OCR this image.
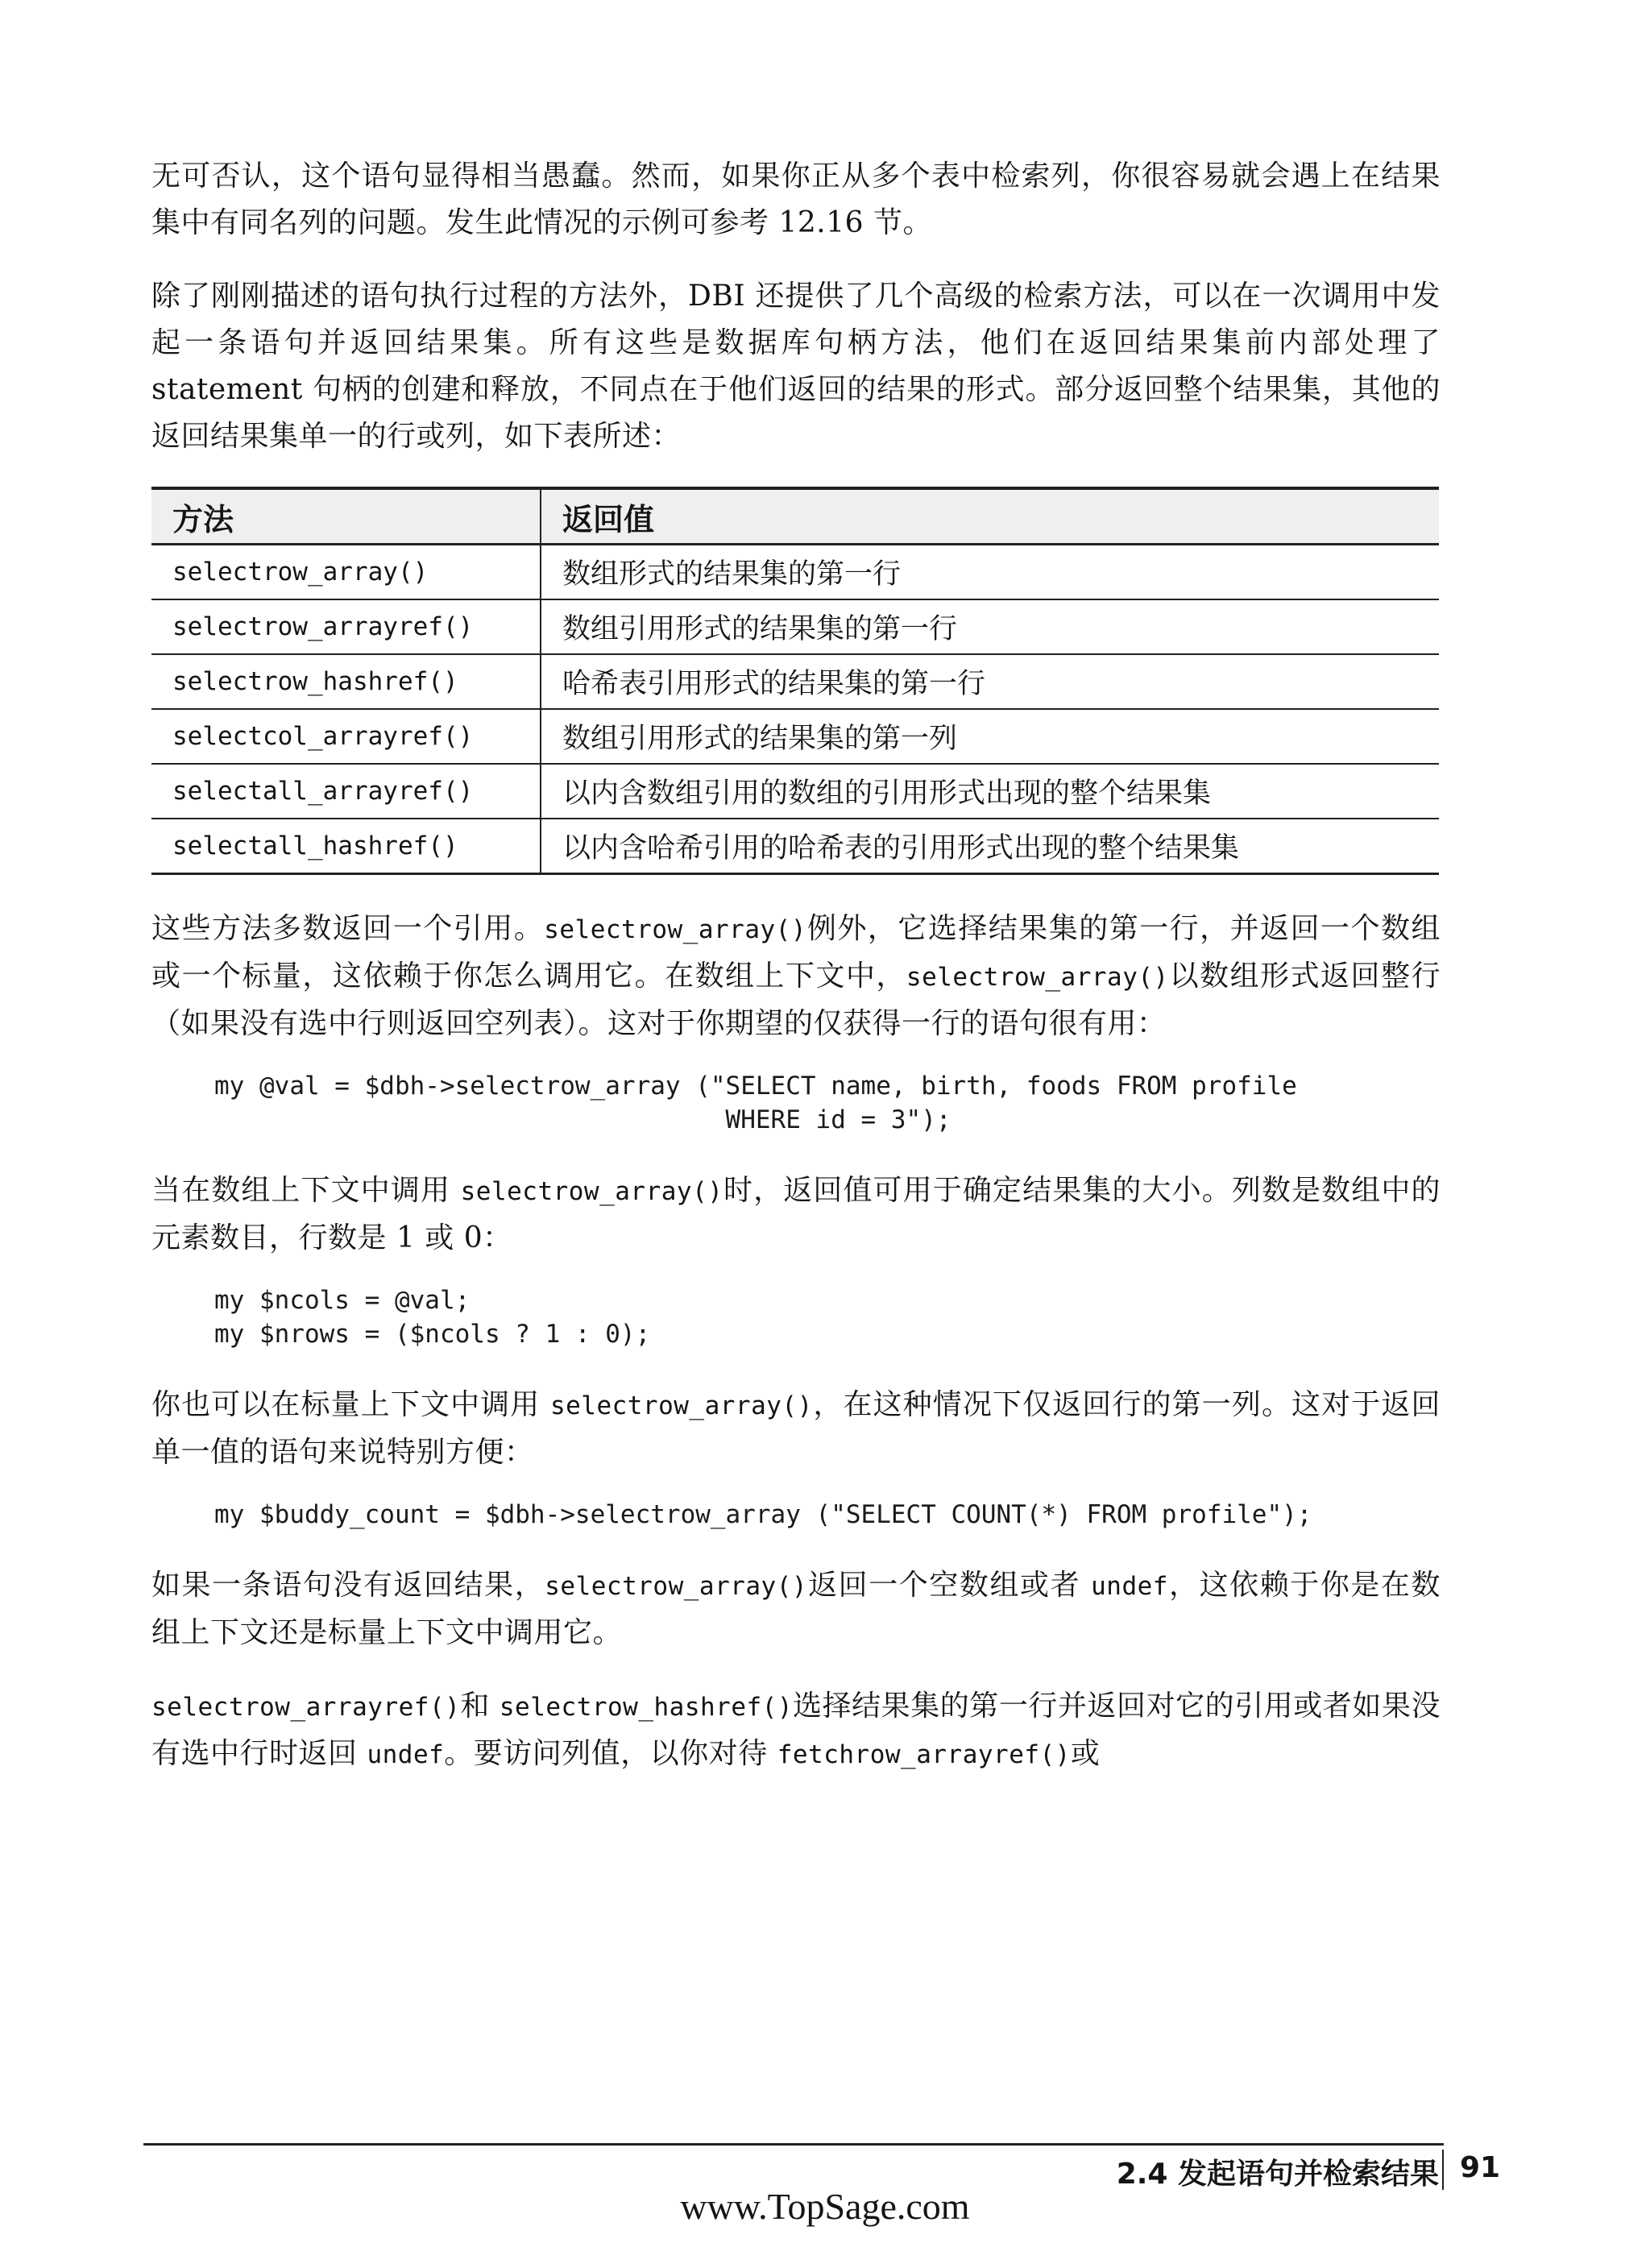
无可否认，这个语句显得相当愚蠢。然而，如果你正从多个表中检索列，你很容易就会遇上在结果集中有同名列的问题。发生此情况的示例可参考 12.16 节。

除了刚刚描述的语句执行过程的方法外，DBI 还提供了几个高级的检索方法，可以在一次调用中发起一条语句并返回结果集。所有这些是数据库句柄方法，他们在返回结果集前内部处理了 statement 句柄的创建和释放，不同点在于他们返回的结果的形式。部分返回整个结果集，其他的返回结果集单一的行或列，如下表所述：

方法	返回值
selectrow_array()	数组形式的结果集的第一行
selectrow_arrayref()	数组引用形式的结果集的第一行
selectrow_hashref()	哈希表引用形式的结果集的第一行
selectcol_arrayref()	数组引用形式的结果集的第一列
selectall_arrayref()	以内含数组引用的数组的引用形式出现的整个结果集
selectall_hashref()	以内含哈希引用的哈希表的引用形式出现的整个结果集

这些方法多数返回一个引用。selectrow_array()例外，它选择结果集的第一行，并返回一个数组或一个标量，这依赖于你怎么调用它。在数组上下文中，selectrow_array()以数组形式返回整行（如果没有选中行则返回空列表）。这对于你期望的仅获得一行的语句很有用：

my @val = $dbh->selectrow_array ("SELECT name, birth, foods FROM profile
WHERE id = 3");

当在数组上下文中调用 selectrow_array()时，返回值可用于确定结果集的大小。列数是数组中的元素数目，行数是 1 或 0：

my $ncols = @val;
my $nrows = ($ncols ? 1 : 0);

你也可以在标量上下文中调用 selectrow_array()，在这种情况下仅返回行的第一列。这对于返回单一值的语句来说特别方便：

my $buddy_count = $dbh->selectrow_array ("SELECT COUNT(*) FROM profile");

如果一条语句没有返回结果，selectrow_array()返回一个空数组或者 undef，这依赖于你是在数组上下文还是标量上下文中调用它。

selectrow_arrayref()和 selectrow_hashref()选择结果集的第一行并返回对它的引用或者如果没有选中行时返回 undef。要访问列值，以你对待 fetchrow_arrayref()或

2.4 发起语句并检索结果 91
www.TopSage.com
